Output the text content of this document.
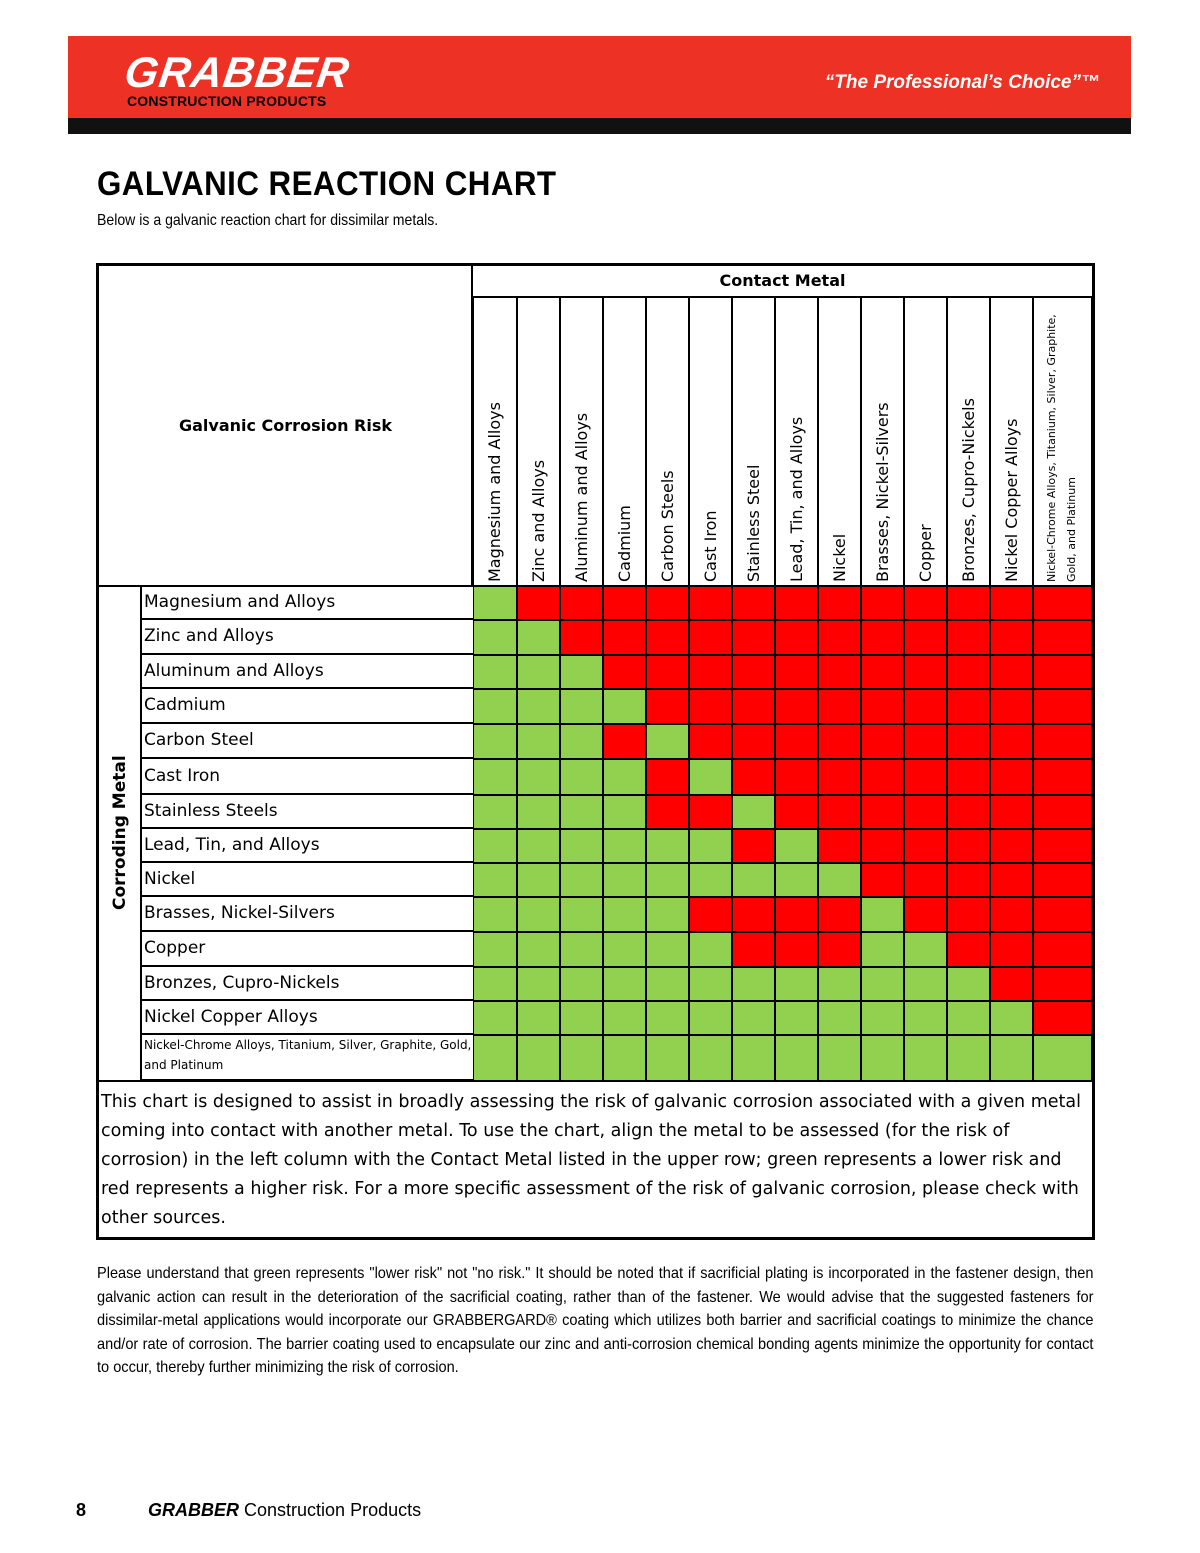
GRABBER
CONSTRUCTION PRODUCTS
“The Professional’s Choice”™
GALVANIC REACTION CHART
Below is a galvanic reaction chart for dissimilar metals.
Galvanic Corrosion Risk
Contact Metal
Corroding Metal
Magnesium and Alloys Zinc and Alloys Aluminum and Alloys Cadmium Carbon Steels Cast Iron Stainless Steel Lead, Tin, and Alloys Nickel Brasses, Nickel-Silvers Copper Bronzes, Cupro-Nickels Nickel Copper Alloys Nickel-Chrome Alloys, Titanium, Silver, Graphite, Gold, and Platinum
Magnesium and Alloys
Zinc and Alloys
Aluminum and Alloys
Cadmium
Carbon Steel
Cast Iron
Stainless Steels
Lead, Tin, and Alloys
Nickel
Brasses, Nickel-Silvers
Copper
Bronzes, Cupro-Nickels
Nickel Copper Alloys
Nickel-Chrome Alloys, Titanium, Silver, Graphite, Gold, and Platinum
This chart is designed to assist in broadly assessing the risk of galvanic corrosion associated with a given metal coming into contact with another metal. To use the chart, align the metal to be assessed (for the risk of corrosion) in the left column with the Contact Metal listed in the upper row; green represents a lower risk and red represents a higher risk. For a more specific assessment of the risk of galvanic corrosion, please check with other sources.
Please understand that green represents "lower risk" not "no risk." It should be noted that if sacrificial plating is incorporated in the fastener design, then galvanic action can result in the deterioration of the sacrificial coating, rather than of the fastener. We would advise that the suggested fasteners for dissimilar-metal applications would incorporate our GRABBERGARD® coating which utilizes both barrier and sacrificial coatings to minimize the chance and/or rate of corrosion. The barrier coating used to encapsulate our zinc and anti-corrosion chemical bonding agents minimize the opportunity for contact to occur, thereby further minimizing the risk of corrosion.
8	GRABBER Construction Products
